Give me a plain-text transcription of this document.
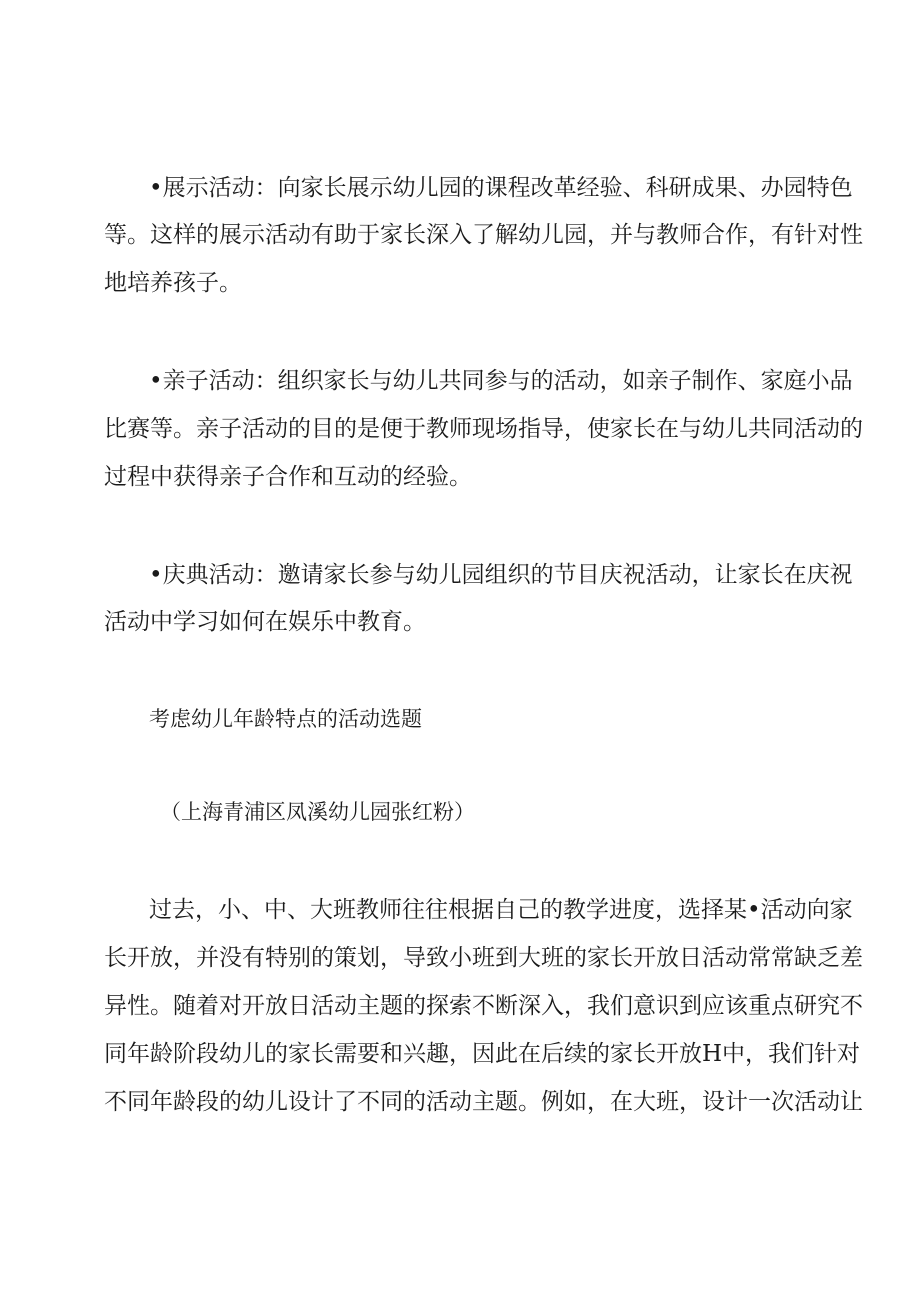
•展示活动：向家长展示幼儿园的课程改革经验、科研成果、办园特色
等。这样的展示活动有助于家长深入了解幼儿园，并与教师合作，有针对性
地培养孩子。
•亲子活动：组织家长与幼儿共同参与的活动，如亲子制作、家庭小品
比赛等。亲子活动的目的是便于教师现场指导，使家长在与幼儿共同活动的
过程中获得亲子合作和互动的经验。
•庆典活动：邀请家长参与幼儿园组织的节目庆祝活动，让家长在庆祝
活动中学习如何在娱乐中教育。
考虑幼儿年龄特点的活动选题
（上海青浦区凤溪幼儿园张红粉）
过去，小、中、大班教师往往根据自己的教学进度，选择某•活动向家
长开放，并没有特别的策划，导致小班到大班的家长开放日活动常常缺乏差
异性。随着对开放日活动主题的探索不断深入，我们意识到应该重点研究不
同年龄阶段幼儿的家长需要和兴趣，因此在后续的家长开放H中，我们针对
不同年龄段的幼儿设计了不同的活动主题。例如，在大班，设计一次活动让
